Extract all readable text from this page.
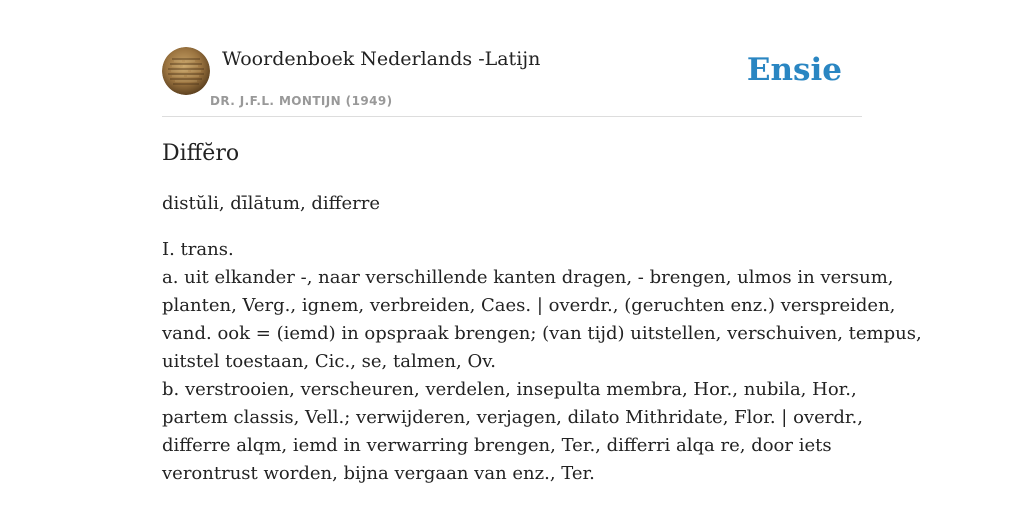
Woordenboek Nederlands -Latijn
DR. J.F.L. MONTIJN (1949)
Ensie
Diffĕro

distŭli, dīlātum, differre

I. trans.
a. uit elkander -, naar verschillende kanten dragen, - brengen, ulmos in versum,
planten, Verg., ignem, verbreiden, Caes. | overdr., (geruchten enz.) verspreiden,
vand. ook = (iemd) in opspraak brengen; (van tijd) uitstellen, verschuiven, tempus,
uitstel toestaan, Cic., se, talmen, Ov.
b. verstrooien, verscheuren, verdelen, insepulta membra, Hor., nubila, Hor.,
partem classis, Vell.; verwijderen, verjagen, dilato Mithridate, Flor. | overdr.,
differre alqm, iemd in verwarring brengen, Ter., differri alqa re, door iets
verontrust worden, bijna vergaan van enz., Ter.
